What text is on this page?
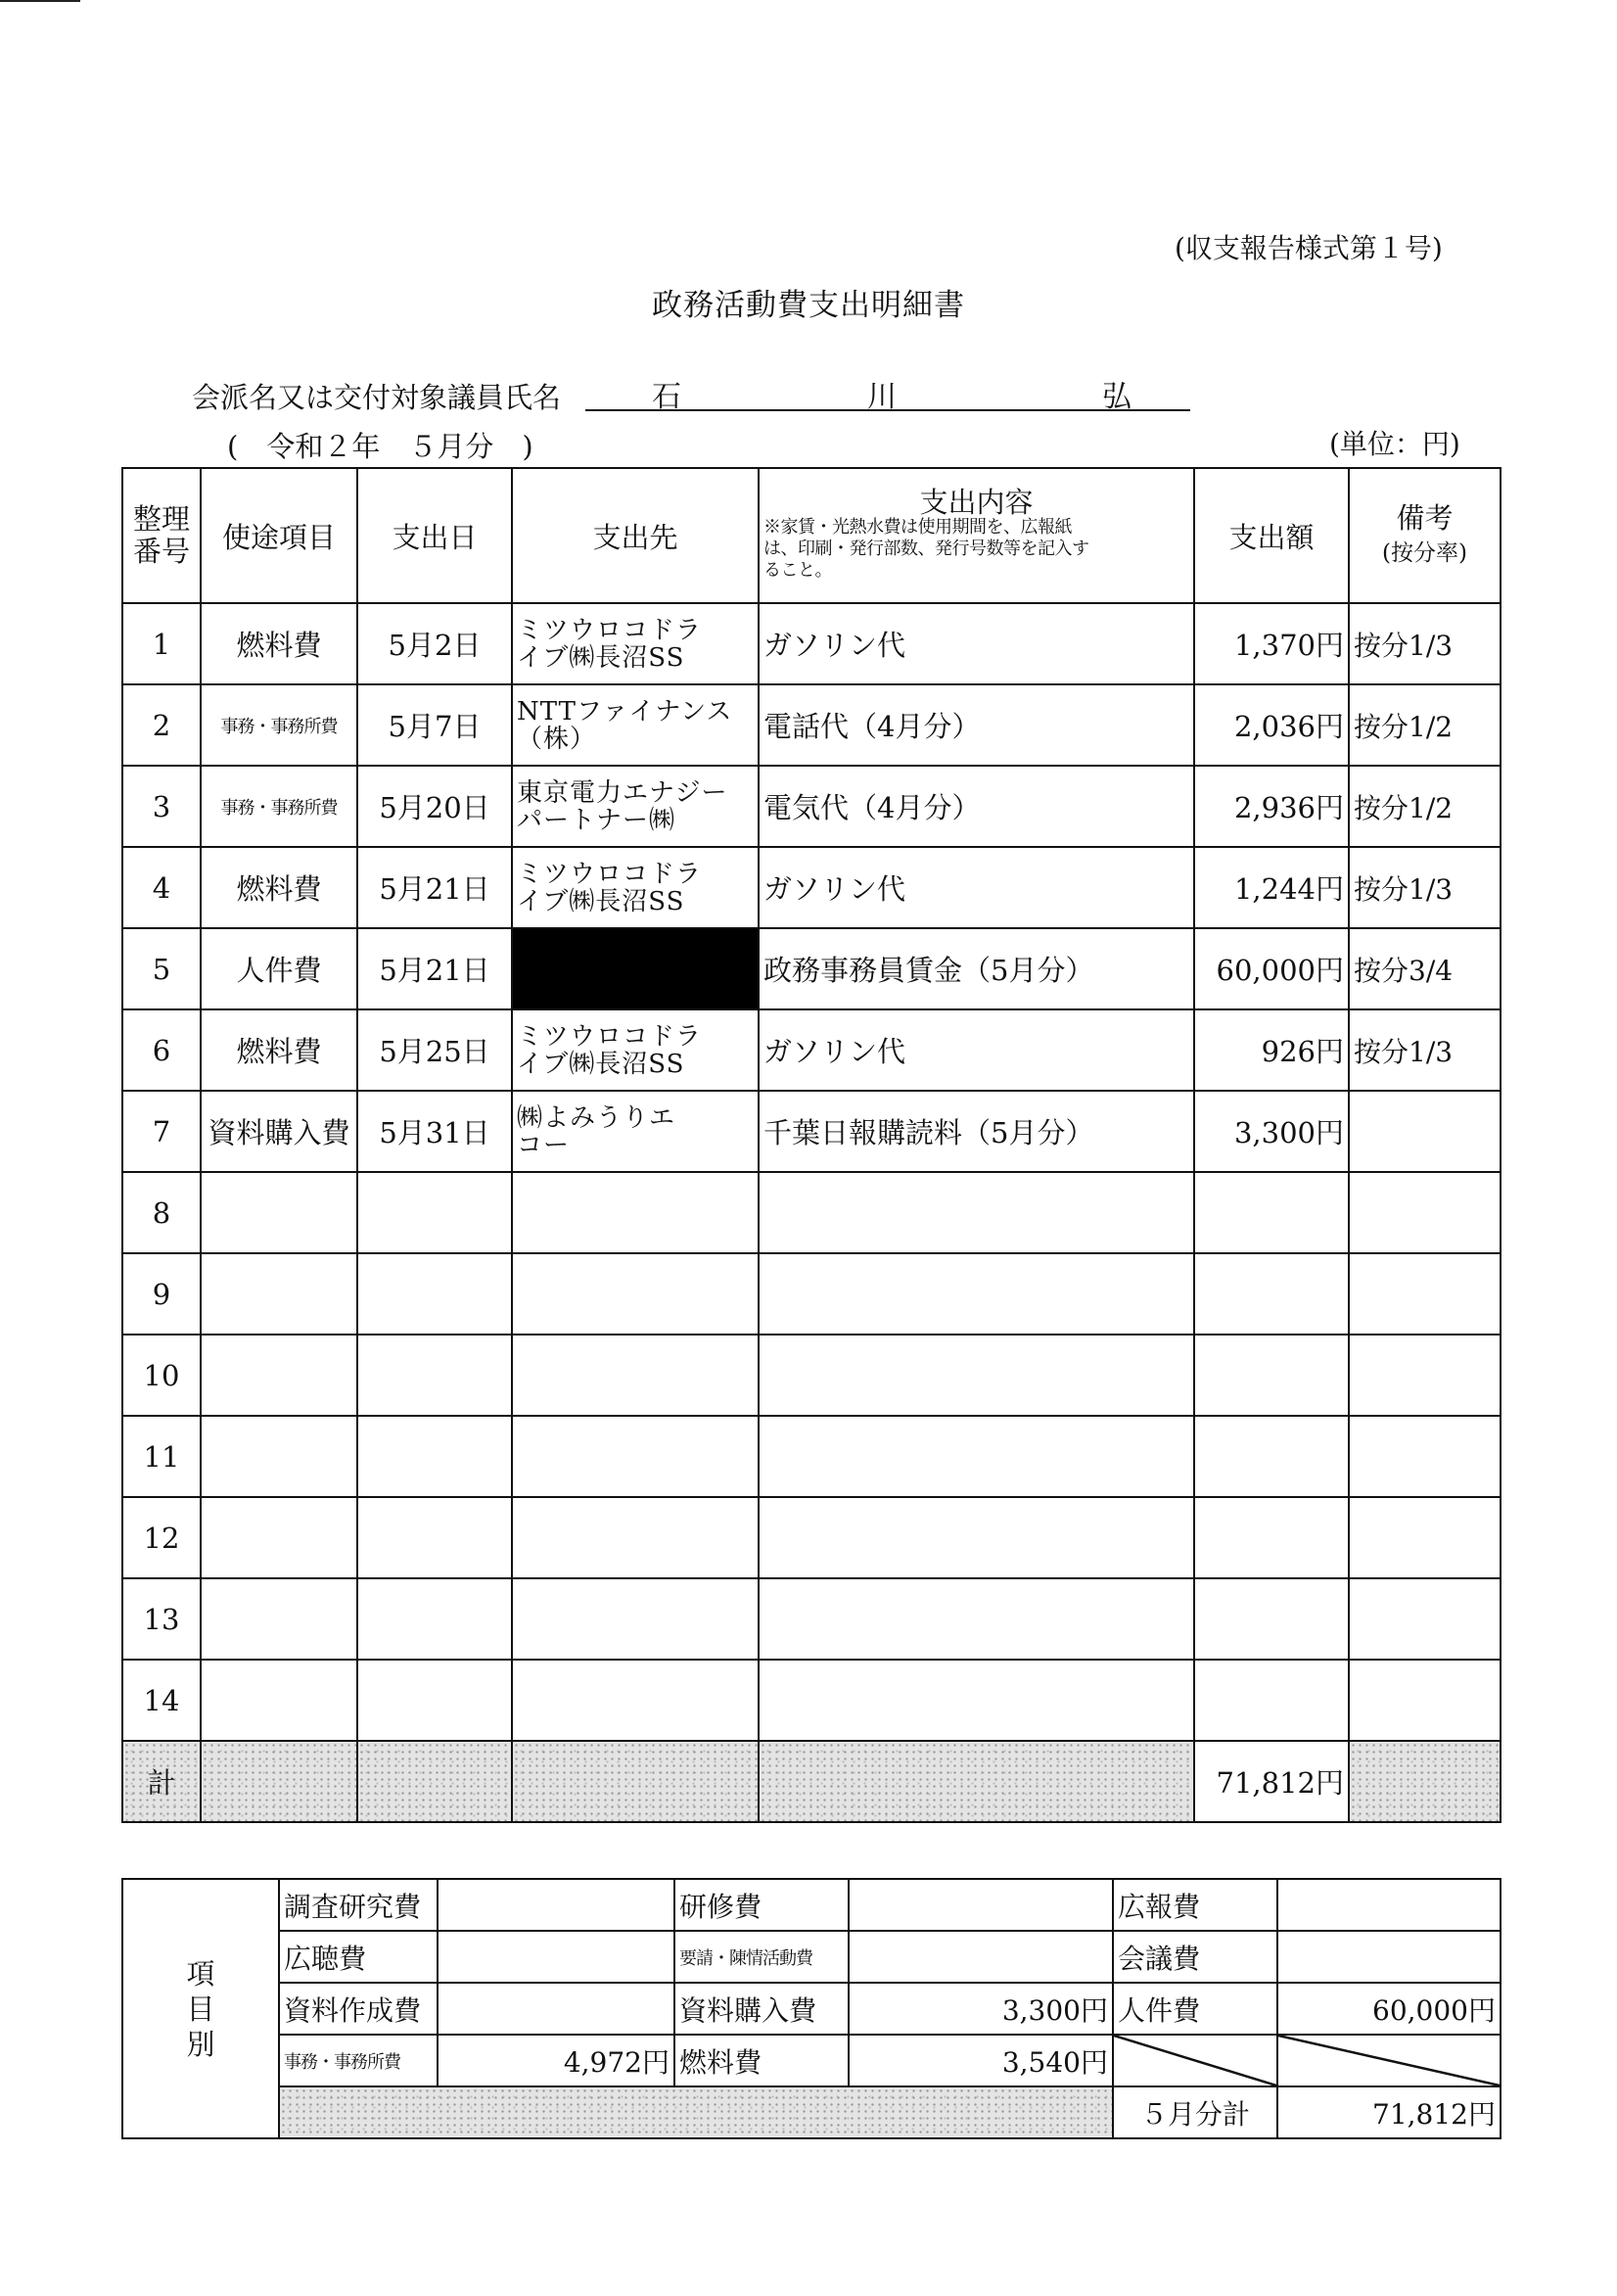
(収支報告様式第１号)
政務活動費支出明細書
会派名又は交付対象議員氏名	石	川	弘
(　令和２年　５月分　)	(単位：円)
整理
番号	使途項目	支出日	支出先	支出内容
※家賃・光熱水費は使用期間を、広報紙
は、印刷・発行部数、発行号数等を記入す
ること。	支出額	備考
(按分率)
1	燃料費	5月2日	ミツウロコドラ
イブ㈱長沼SS	ガソリン代	1,370円	按分1/3
2	事務・事務所費	5月7日	NTTファイナンス
（株）	電話代（4月分）	2,036円	按分1/2
3	事務・事務所費	5月20日	東京電力エナジー
パートナー㈱	電気代（4月分）	2,936円	按分1/2
4	燃料費	5月21日	ミツウロコドラ
イブ㈱長沼SS	ガソリン代	1,244円	按分1/3
5	人件費	5月21日		政務事務員賃金（5月分）	60,000円	按分3/4
6	燃料費	5月25日	ミツウロコドラ
イブ㈱長沼SS	ガソリン代	926円	按分1/3
7	資料購入費	5月31日	㈱よみうりエ
コー	千葉日報購読料（5月分）	3,300円	
8						
9						
10						
11						
12						
13						
14						
計					71,812円	
項
目
別	調査研究費		研修費		広報費	
	広聴費		要請・陳情活動費		会議費	
	資料作成費		資料購入費	3,300円	人件費	60,000円
	事務・事務所費	4,972円	燃料費	3,540円		
					５月分計	71,812円
